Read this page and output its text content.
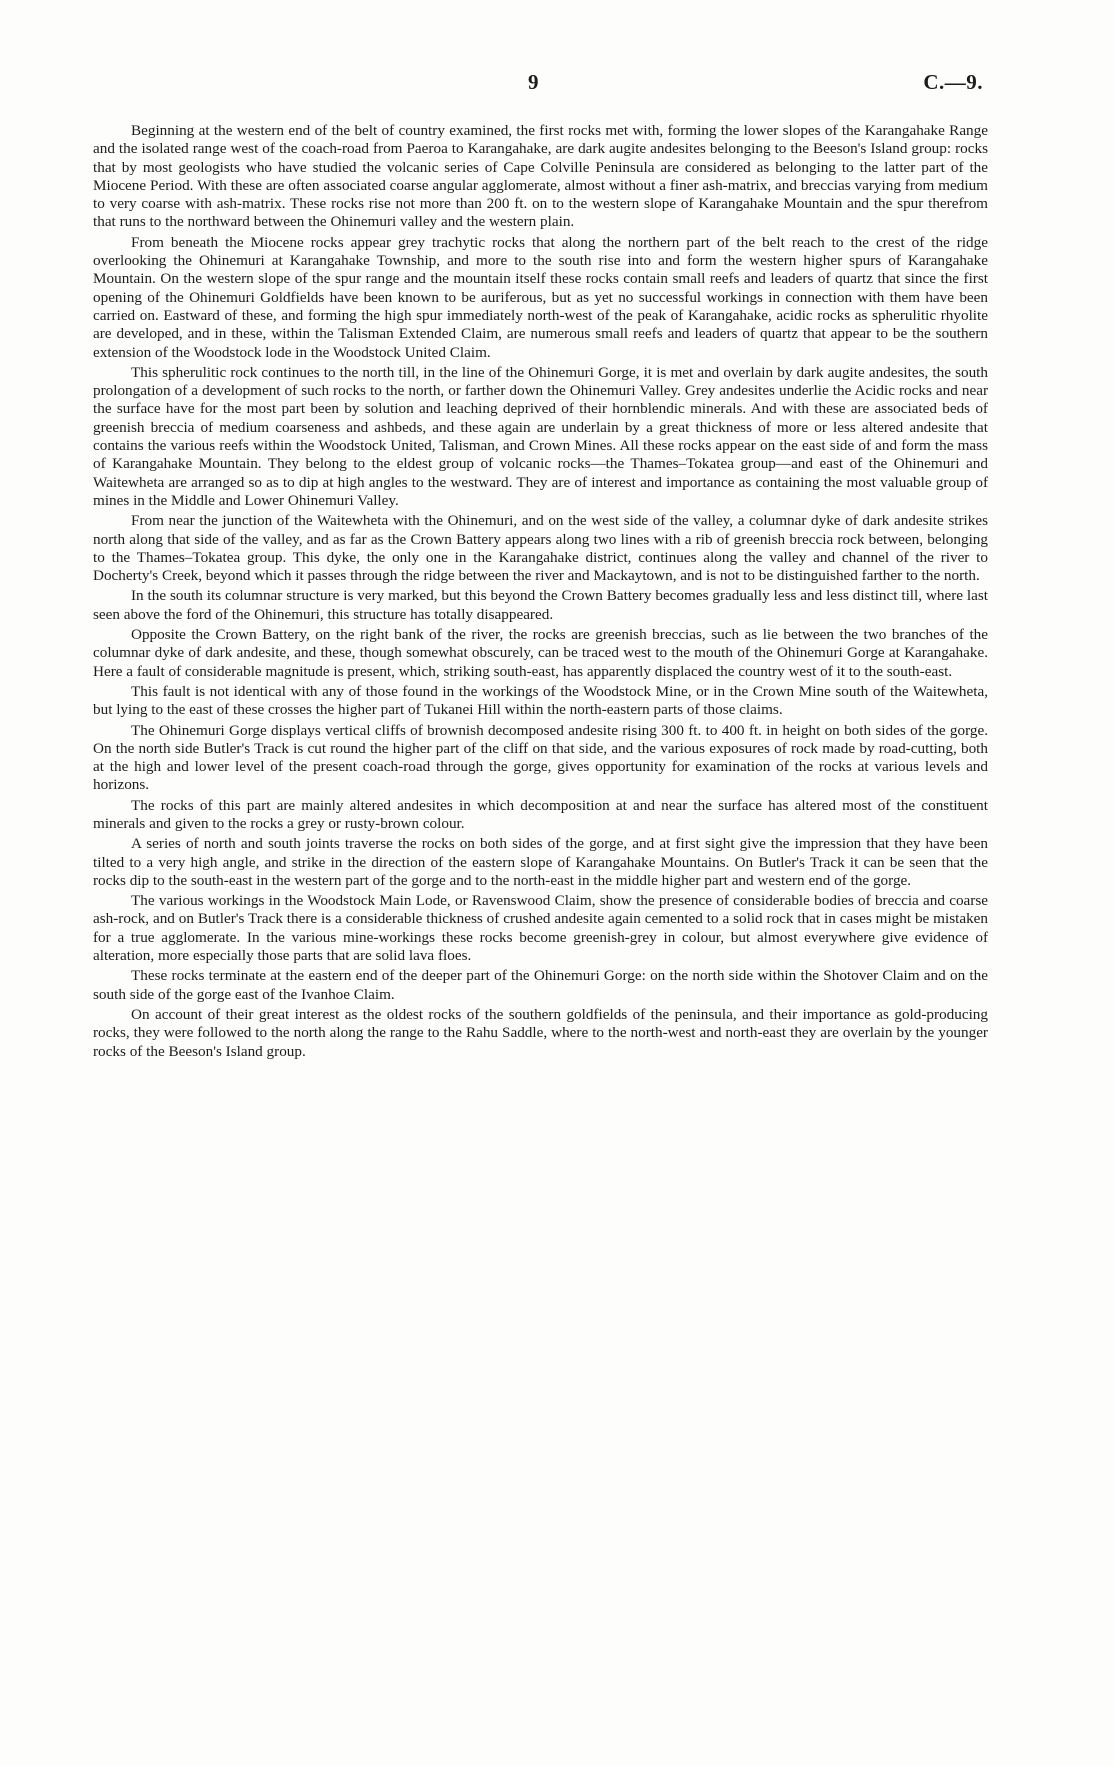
9	C.—9.

Beginning at the western end of the belt of country examined, the first rocks met with, forming the lower slopes of the Karangahake Range and the isolated range west of the coach-road from Paeroa to Karangahake, are dark augite andesites belonging to the Beeson's Island group: rocks that by most geologists who have studied the volcanic series of Cape Colville Peninsula are considered as belonging to the latter part of the Miocene Period. With these are often associated coarse angular agglomerate, almost without a finer ash-matrix, and breccias varying from medium to very coarse with ash-matrix. These rocks rise not more than 200 ft. on to the western slope of Karangahake Mountain and the spur therefrom that runs to the northward between the Ohinemuri valley and the western plain.

From beneath the Miocene rocks appear grey trachytic rocks that along the northern part of the belt reach to the crest of the ridge overlooking the Ohinemuri at Karangahake Township, and more to the south rise into and form the western higher spurs of Karangahake Mountain. On the western slope of the spur range and the mountain itself these rocks contain small reefs and leaders of quartz that since the first opening of the Ohinemuri Goldfields have been known to be auriferous, but as yet no successful workings in connection with them have been carried on. Eastward of these, and forming the high spur immediately north-west of the peak of Karangahake, acidic rocks as spherulitic rhyolite are developed, and in these, within the Talisman Extended Claim, are numerous small reefs and leaders of quartz that appear to be the southern extension of the Woodstock lode in the Woodstock United Claim.

This spherulitic rock continues to the north till, in the line of the Ohinemuri Gorge, it is met and overlain by dark augite andesites, the south prolongation of a development of such rocks to the north, or farther down the Ohinemuri Valley. Grey andesites underlie the Acidic rocks and near the surface have for the most part been by solution and leaching deprived of their hornblendic minerals. And with these are associated beds of greenish breccia of medium coarseness and ashbeds, and these again are underlain by a great thickness of more or less altered andesite that contains the various reefs within the Woodstock United, Talisman, and Crown Mines. All these rocks appear on the east side of and form the mass of Karangahake Mountain. They belong to the eldest group of volcanic rocks—the Thames–Tokatea group—and east of the Ohinemuri and Waitewheta are arranged so as to dip at high angles to the westward. They are of interest and importance as containing the most valuable group of mines in the Middle and Lower Ohinemuri Valley.

From near the junction of the Waitewheta with the Ohinemuri, and on the west side of the valley, a columnar dyke of dark andesite strikes north along that side of the valley, and as far as the Crown Battery appears along two lines with a rib of greenish breccia rock between, belonging to the Thames–Tokatea group. This dyke, the only one in the Karangahake district, continues along the valley and channel of the river to Docherty's Creek, beyond which it passes through the ridge between the river and Mackaytown, and is not to be distinguished farther to the north.

In the south its columnar structure is very marked, but this beyond the Crown Battery becomes gradually less and less distinct till, where last seen above the ford of the Ohinemuri, this structure has totally disappeared.

Opposite the Crown Battery, on the right bank of the river, the rocks are greenish breccias, such as lie between the two branches of the columnar dyke of dark andesite, and these, though somewhat obscurely, can be traced west to the mouth of the Ohinemuri Gorge at Karangahake. Here a fault of considerable magnitude is present, which, striking south-east, has apparently displaced the country west of it to the south-east.

This fault is not identical with any of those found in the workings of the Woodstock Mine, or in the Crown Mine south of the Waitewheta, but lying to the east of these crosses the higher part of Tukanei Hill within the north-eastern parts of those claims.

The Ohinemuri Gorge displays vertical cliffs of brownish decomposed andesite rising 300 ft. to 400 ft. in height on both sides of the gorge. On the north side Butler's Track is cut round the higher part of the cliff on that side, and the various exposures of rock made by road-cutting, both at the high and lower level of the present coach-road through the gorge, gives opportunity for examination of the rocks at various levels and horizons.

The rocks of this part are mainly altered andesites in which decomposition at and near the surface has altered most of the constituent minerals and given to the rocks a grey or rusty-brown colour.

A series of north and south joints traverse the rocks on both sides of the gorge, and at first sight give the impression that they have been tilted to a very high angle, and strike in the direction of the eastern slope of Karangahake Mountains. On Butler's Track it can be seen that the rocks dip to the south-east in the western part of the gorge and to the north-east in the middle higher part and western end of the gorge.

The various workings in the Woodstock Main Lode, or Ravenswood Claim, show the presence of considerable bodies of breccia and coarse ash-rock, and on Butler's Track there is a considerable thickness of crushed andesite again cemented to a solid rock that in cases might be mistaken for a true agglomerate. In the various mine-workings these rocks become greenish-grey in colour, but almost everywhere give evidence of alteration, more especially those parts that are solid lava floes.

These rocks terminate at the eastern end of the deeper part of the Ohinemuri Gorge: on the north side within the Shotover Claim and on the south side of the gorge east of the Ivanhoe Claim.

On account of their great interest as the oldest rocks of the southern goldfields of the peninsula, and their importance as gold-producing rocks, they were followed to the north along the range to the Rahu Saddle, where to the north-west and north-east they are overlain by the younger rocks of the Beeson's Island group.
